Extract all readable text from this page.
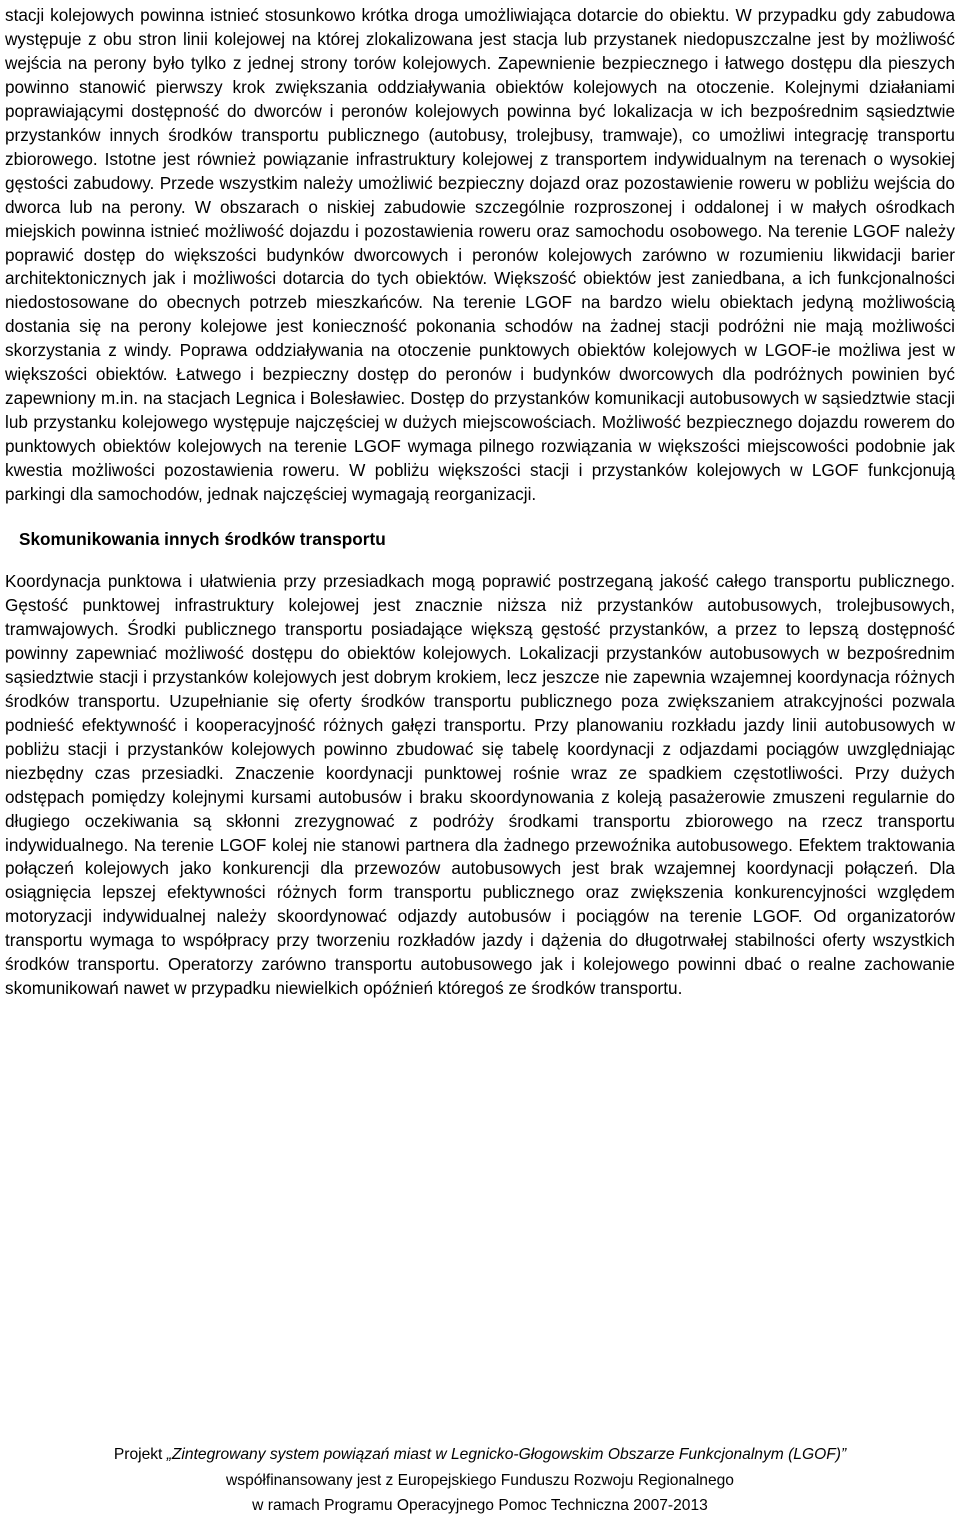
stacji kolejowych powinna istnieć stosunkowo krótka droga umożliwiająca dotarcie do obiektu. W przypadku gdy zabudowa występuje z obu stron linii kolejowej na której zlokalizowana jest stacja lub przystanek niedopuszczalne jest by możliwość wejścia na perony było tylko z jednej strony torów kolejowych. Zapewnienie bezpiecznego i łatwego dostępu dla pieszych powinno stanowić pierwszy krok zwiększania oddziaływania obiektów kolejowych na otoczenie. Kolejnymi działaniami poprawiającymi dostępność do dworców i peronów kolejowych powinna być lokalizacja w ich bezpośrednim sąsiedztwie przystanków innych środków transportu publicznego (autobusy, trolejbusy, tramwaje), co umożliwi integrację transportu zbiorowego. Istotne jest również powiązanie infrastruktury kolejowej z transportem indywidualnym na terenach o wysokiej gęstości zabudowy. Przede wszystkim należy umożliwić bezpieczny dojazd oraz pozostawienie roweru w pobliżu wejścia do dworca lub na perony. W obszarach o niskiej zabudowie szczególnie rozproszonej i oddalonej i w małych ośrodkach miejskich powinna istnieć możliwość dojazdu i pozostawienia roweru oraz samochodu osobowego. Na terenie LGOF należy poprawić dostęp do większości budynków dworcowych i peronów kolejowych zarówno w rozumieniu likwidacji barier architektonicznych jak i możliwości dotarcia do tych obiektów. Większość obiektów jest zaniedbana, a ich funkcjonalności niedostosowane do obecnych potrzeb mieszkańców. Na terenie LGOF na bardzo wielu obiektach jedyną możliwością dostania się na perony kolejowe jest konieczność pokonania schodów na żadnej stacji podróżni nie mają możliwości skorzystania z windy. Poprawa oddziaływania na otoczenie punktowych obiektów kolejowych w LGOF-ie możliwa jest w większości obiektów. Łatwego i bezpieczny dostęp do peronów i budynków dworcowych dla podróżnych powinien być zapewniony m.in. na stacjach Legnica i Bolesławiec. Dostęp do przystanków komunikacji autobusowych w sąsiedztwie stacji lub przystanku kolejowego występuje najczęściej w dużych miejscowościach. Możliwość bezpiecznego dojazdu rowerem do punktowych obiektów kolejowych na terenie LGOF wymaga pilnego rozwiązania w większości miejscowości podobnie jak kwestia możliwości pozostawienia roweru. W pobliżu większości stacji i przystanków kolejowych w LGOF funkcjonują parkingi dla samochodów, jednak najczęściej wymagają reorganizacji.

Skomunikowania innych środków transportu

Koordynacja punktowa i ułatwienia przy przesiadkach mogą poprawić postrzeganą jakość całego transportu publicznego. Gęstość punktowej infrastruktury kolejowej jest znacznie niższa niż przystanków autobusowych, trolejbusowych, tramwajowych. Środki publicznego transportu posiadające większą gęstość przystanków, a przez to lepszą dostępność powinny zapewniać możliwość dostępu do obiektów kolejowych. Lokalizacji przystanków autobusowych w bezpośrednim sąsiedztwie stacji i przystanków kolejowych jest dobrym krokiem, lecz jeszcze nie zapewnia wzajemnej koordynacja różnych środków transportu. Uzupełnianie się oferty środków transportu publicznego poza zwiększaniem atrakcyjności pozwala podnieść efektywność i kooperacyjność różnych gałęzi transportu. Przy planowaniu rozkładu jazdy linii autobusowych w pobliżu stacji i przystanków kolejowych powinno zbudować się tabelę koordynacji z odjazdami pociągów uwzględniając niezbędny czas przesiadki. Znaczenie koordynacji punktowej rośnie wraz ze spadkiem częstotliwości. Przy dużych odstępach pomiędzy kolejnymi kursami autobusów i braku skoordynowania z koleją pasażerowie zmuszeni regularnie do długiego oczekiwania są skłonni zrezygnować z podróży środkami transportu zbiorowego na rzecz transportu indywidualnego. Na terenie LGOF kolej nie stanowi partnera dla żadnego przewoźnika autobusowego. Efektem traktowania połączeń kolejowych jako konkurencji dla przewozów autobusowych jest brak wzajemnej koordynacji połączeń. Dla osiągnięcia lepszej efektywności różnych form transportu publicznego oraz zwiększenia konkurencyjności względem motoryzacji indywidualnej należy skoordynować odjazdy autobusów i pociągów na terenie LGOF. Od organizatorów transportu wymaga to współpracy przy tworzeniu rozkładów jazdy i dążenia do długotrwałej stabilności oferty wszystkich środków transportu. Operatorzy zarówno transportu autobusowego jak i kolejowego powinni dbać o realne zachowanie skomunikowań nawet w przypadku niewielkich opóźnień któregoś ze środków transportu.

Projekt „Zintegrowany system powiązań miast w Legnicko-Głogowskim Obszarze Funkcjonalnym (LGOF)”
współfinansowany jest z Europejskiego Funduszu Rozwoju Regionalnego
w ramach Programu Operacyjnego Pomoc Techniczna 2007-2013
